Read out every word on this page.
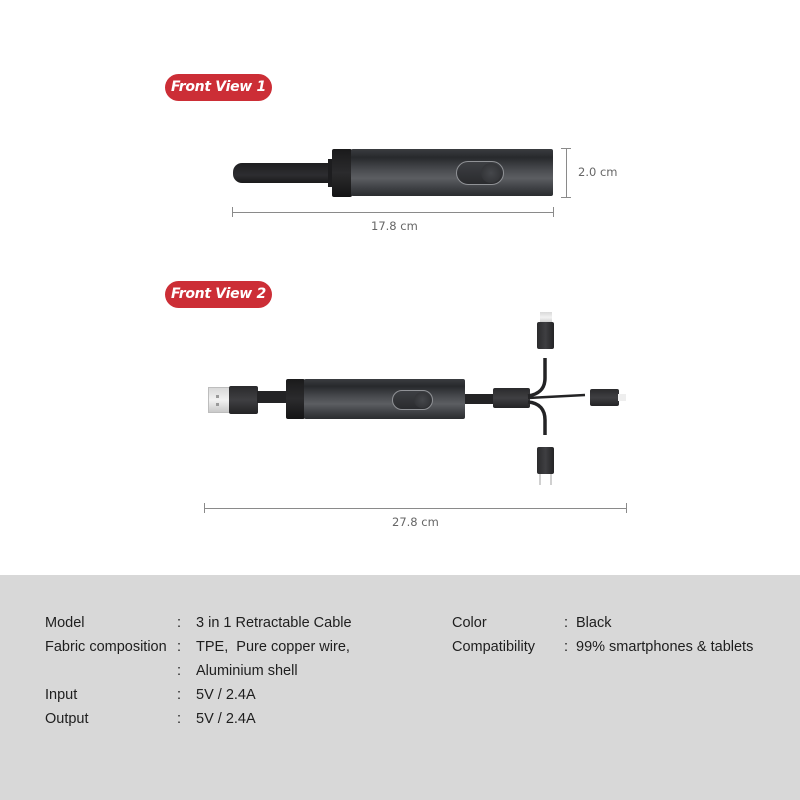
Front View 1
2.0 cm
17.8 cm
Front View 2
27.8 cm
Model	: 3 in 1 Retractable Cable
Fabric composition : TPE,  Pure copper wire,
: Aluminium shell
Input	: 5V / 2.4A
Output	: 5V / 2.4A
Color	: Black
Compatibility : 99% smartphones & tablets
